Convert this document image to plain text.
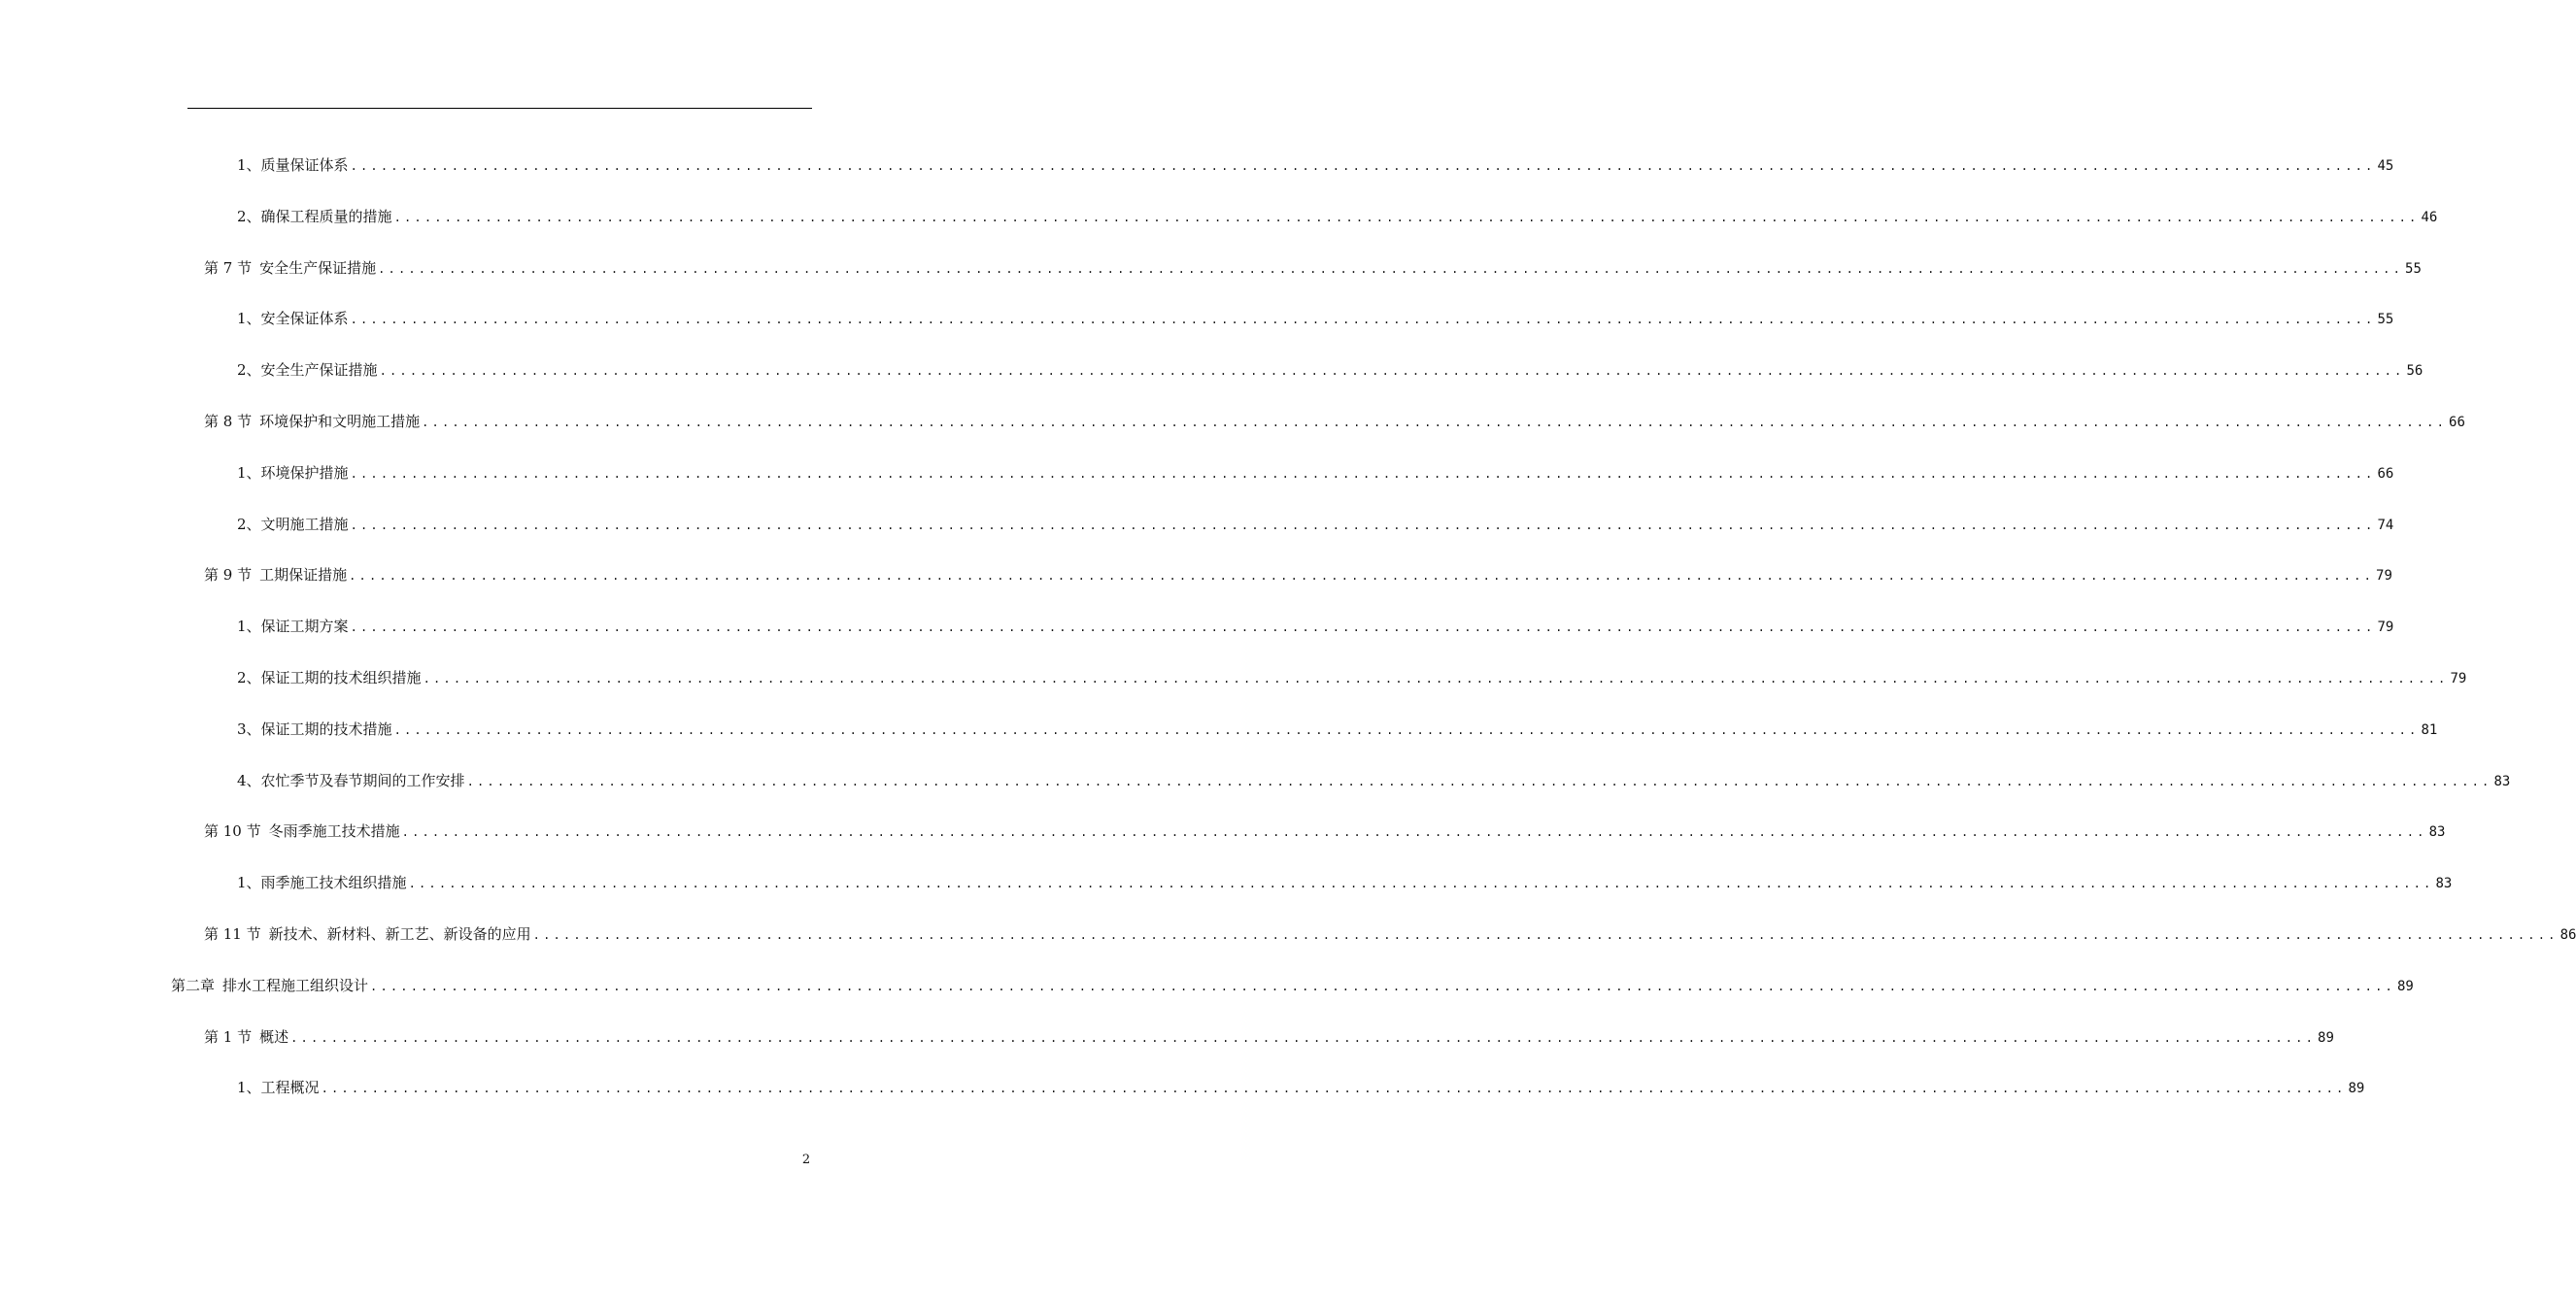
1、 质量保证体系 ........................................................................................................................................................................................................ 45
2、 确保工程质量的措施 ........................................................................................................................................................................................................ 46
第 7 节 安全生产保证措施 ........................................................................................................................................................................................................ 55
1、 安全保证体系 ........................................................................................................................................................................................................ 55
2、 安全生产保证措施 ........................................................................................................................................................................................................ 56
第 8 节 环境保护和文明施工措施 ........................................................................................................................................................................................................ 66
1、 环境保护措施 ........................................................................................................................................................................................................ 66
2、 文明施工措施 ........................................................................................................................................................................................................ 74
第 9 节 工期保证措施 ........................................................................................................................................................................................................ 79
1、 保证工期方案 ........................................................................................................................................................................................................ 79
2、 保证工期的技术组织措施 ........................................................................................................................................................................................................ 79
3、 保证工期的技术措施 ........................................................................................................................................................................................................ 81
4、 农忙季节及春节期间的工作安排 ........................................................................................................................................................................................................ 83
第 10 节 冬雨季施工技术措施 ........................................................................................................................................................................................................ 83
1、 雨季施工技术组织措施 ........................................................................................................................................................................................................ 83
第 11 节 新技术、新材料、新工艺、新设备的应用 ........................................................................................................................................................................................................ 86
第二章 排水工程施工组织设计 ........................................................................................................................................................................................................ 89
第 1 节 概述 ........................................................................................................................................................................................................ 89
1、 工程概况 ........................................................................................................................................................................................................ 89
2
